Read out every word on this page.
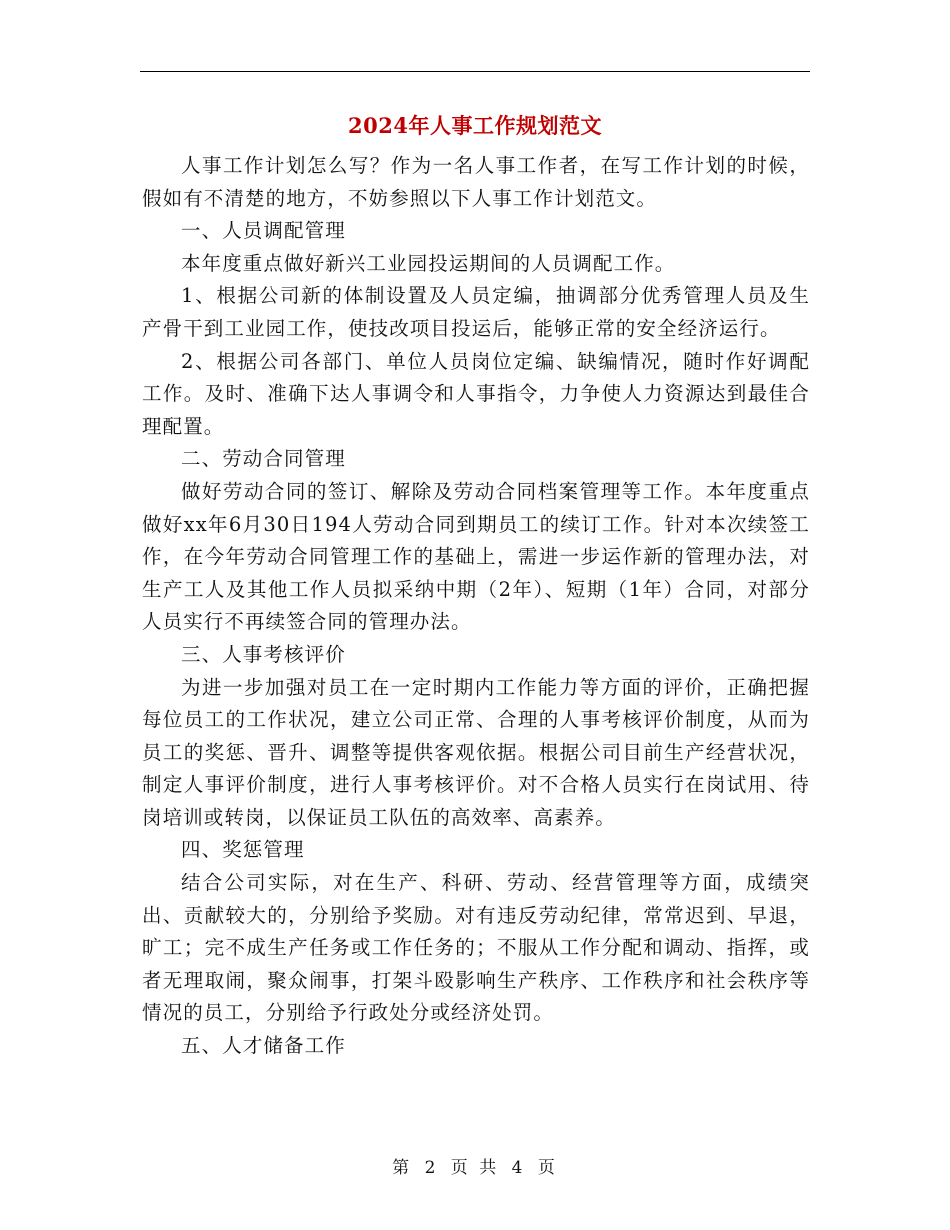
2024年人事工作规划范文

人事工作计划怎么写？作为一名人事工作者，在写工作计划的时候，假如有不清楚的地方，不妨参照以下人事工作计划范文。

一、人员调配管理

本年度重点做好新兴工业园投运期间的人员调配工作。

1、根据公司新的体制设置及人员定编，抽调部分优秀管理人员及生产骨干到工业园工作，使技改项目投运后，能够正常的安全经济运行。

2、根据公司各部门、单位人员岗位定编、缺编情况，随时作好调配工作。及时、准确下达人事调令和人事指令，力争使人力资源达到最佳合理配置。

二、劳动合同管理

做好劳动合同的签订、解除及劳动合同档案管理等工作。本年度重点做好xx年6月30日194人劳动合同到期员工的续订工作。针对本次续签工作，在今年劳动合同管理工作的基础上，需进一步运作新的管理办法，对生产工人及其他工作人员拟采纳中期（2年）、短期（1年）合同，对部分人员实行不再续签合同的管理办法。

三、人事考核评价

为进一步加强对员工在一定时期内工作能力等方面的评价，正确把握每位员工的工作状况，建立公司正常、合理的人事考核评价制度，从而为员工的奖惩、晋升、调整等提供客观依据。根据公司目前生产经营状况，制定人事评价制度，进行人事考核评价。对不合格人员实行在岗试用、待岗培训或转岗，以保证员工队伍的高效率、高素养。

四、奖惩管理

结合公司实际，对在生产、科研、劳动、经营管理等方面，成绩突出、贡献较大的，分别给予奖励。对有违反劳动纪律，常常迟到、早退，旷工；完不成生产任务或工作任务的；不服从工作分配和调动、指挥，或者无理取闹，聚众闹事，打架斗殴影响生产秩序、工作秩序和社会秩序等情况的员工，分别给予行政处分或经济处罚。

五、人才储备工作

第 2 页 共 4 页
